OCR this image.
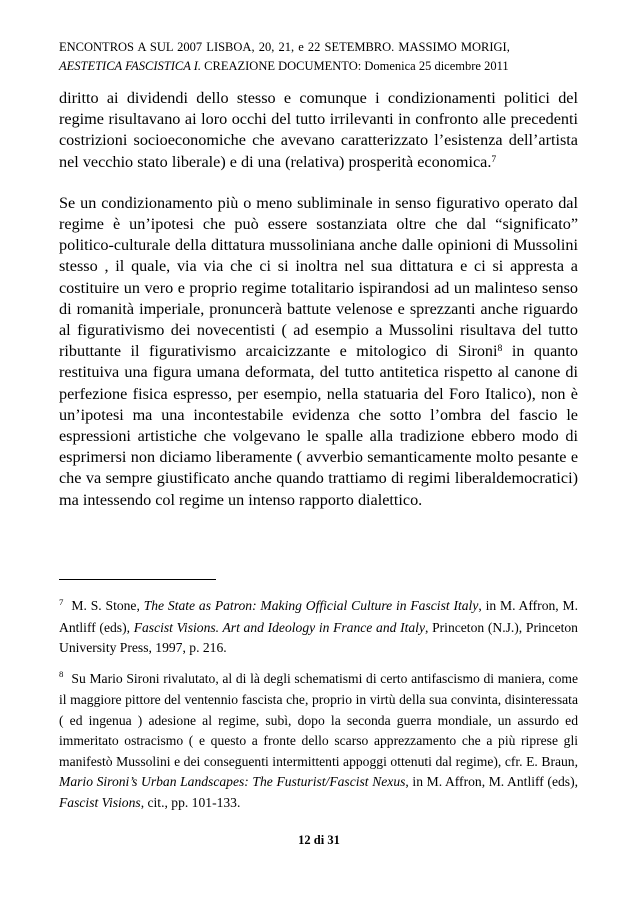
ENCONTROS A SUL 2007 LISBOA, 20, 21, e 22 SETEMBRO. MASSIMO MORIGI,
AESTETICA FASCISTICA I. CREAZIONE DOCUMENTO: Domenica 25 dicembre 2011

diritto ai dividendi dello stesso e comunque i condizionamenti politici del regime risultavano ai loro occhi del tutto irrilevanti in confronto alle precedenti costrizioni socioeconomiche che avevano caratterizzato l’esistenza dell’artista nel vecchio stato liberale) e di una (relativa) prosperità economica.$^7$

Se un condizionamento più o meno subliminale in senso figurativo operato dal regime è un’ipotesi che può essere sostanziata oltre che dal “significato” politico-culturale della dittatura mussoliniana anche dalle opinioni di Mussolini stesso , il quale, via via che ci si inoltra nel sua dittatura e ci si appresta a costituire un vero e proprio regime totalitario ispirandosi ad un malinteso senso di romanità imperiale, pronuncerà battute velenose e sprezzanti anche riguardo al figurativismo dei novecentisti ( ad esempio a Mussolini risultava del tutto ributtante il figurativismo arcaicizzante e mitologico di Sironi$^8$ in quanto restituiva una figura umana deformata, del tutto antitetica rispetto al canone di perfezione fisica espresso, per esempio, nella statuaria del Foro Italico), non è un’ipotesi ma una incontestabile evidenza che sotto l’ombra del fascio le espressioni artistiche che volgevano le spalle alla tradizione ebbero modo di esprimersi non diciamo liberamente ( avverbio semanticamente molto pesante e che va sempre giustificato anche quando trattiamo di regimi liberaldemocratici) ma intessendo col regime un intenso rapporto dialettico.

$^7$ M. S. Stone, The State as Patron: Making Official Culture in Fascist Italy, in M. Affron, M. Antliff (eds), Fascist Visions. Art and Ideology in France and Italy, Princeton (N.J.), Princeton University Press, 1997, p. 216.

$^8$ Su Mario Sironi rivalutato, al di là degli schematismi di certo antifascismo di maniera, come il maggiore pittore del ventennio fascista che, proprio in virtù della sua convinta, disinteressata ( ed ingenua ) adesione al regime, subì, dopo la seconda guerra mondiale, un assurdo ed immeritato ostracismo ( e questo a fronte dello scarso apprezzamento che a più riprese gli manifestò Mussolini e dei conseguenti intermittenti appoggi ottenuti dal regime), cfr. E. Braun, Mario Sironi’s Urban Landscapes: The Fusturist/Fascist Nexus, in M. Affron, M. Antliff (eds), Fascist Visions, cit., pp. 101-133.

12 di 31
